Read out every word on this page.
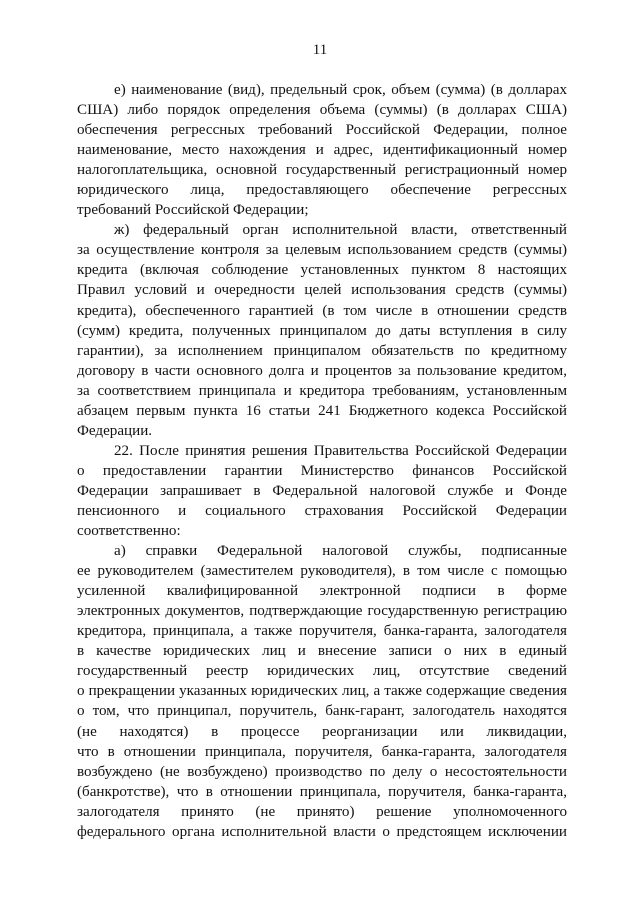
11
е) наименование (вид), предельный срок, объем (сумма) (в долларах
США) либо порядок определения объема (суммы) (в долларах США)
обеспечения регрессных требований Российской Федерации, полное
наименование, место нахождения и адрес, идентификационный номер
налогоплательщика, основной государственный регистрационный номер
юридического лица, предоставляющего обеспечение регрессных
требований Российской Федерации;
ж) федеральный орган исполнительной власти, ответственный
за осуществление контроля за целевым использованием средств (суммы)
кредита (включая соблюдение установленных пунктом 8 настоящих
Правил условий и очередности целей использования средств (суммы)
кредита), обеспеченного гарантией (в том числе в отношении средств
(сумм) кредита, полученных принципалом до даты вступления в силу
гарантии), за исполнением принципалом обязательств по кредитному
договору в части основного долга и процентов за пользование кредитом,
за соответствием принципала и кредитора требованиям, установленным
абзацем первым пункта 16 статьи 241 Бюджетного кодекса Российской
Федерации.
22. После принятия решения Правительства Российской Федерации
о предоставлении гарантии Министерство финансов Российской
Федерации запрашивает в Федеральной налоговой службе и Фонде
пенсионного и социального страхования Российской Федерации
соответственно:
а) справки Федеральной налоговой службы, подписанные
ее руководителем (заместителем руководителя), в том числе с помощью
усиленной квалифицированной электронной подписи в форме
электронных документов, подтверждающие государственную регистрацию
кредитора, принципала, а также поручителя, банка-гаранта, залогодателя
в качестве юридических лиц и внесение записи о них в единый
государственный реестр юридических лиц, отсутствие сведений
о прекращении указанных юридических лиц, а также содержащие сведения
о том, что принципал, поручитель, банк-гарант, залогодатель находятся
(не находятся) в процессе реорганизации или ликвидации,
что в отношении принципала, поручителя, банка-гаранта, залогодателя
возбуждено (не возбуждено) производство по делу о несостоятельности
(банкротстве), что в отношении принципала, поручителя, банка-гаранта,
залогодателя принято (не принято) решение уполномоченного
федерального органа исполнительной власти о предстоящем исключении
